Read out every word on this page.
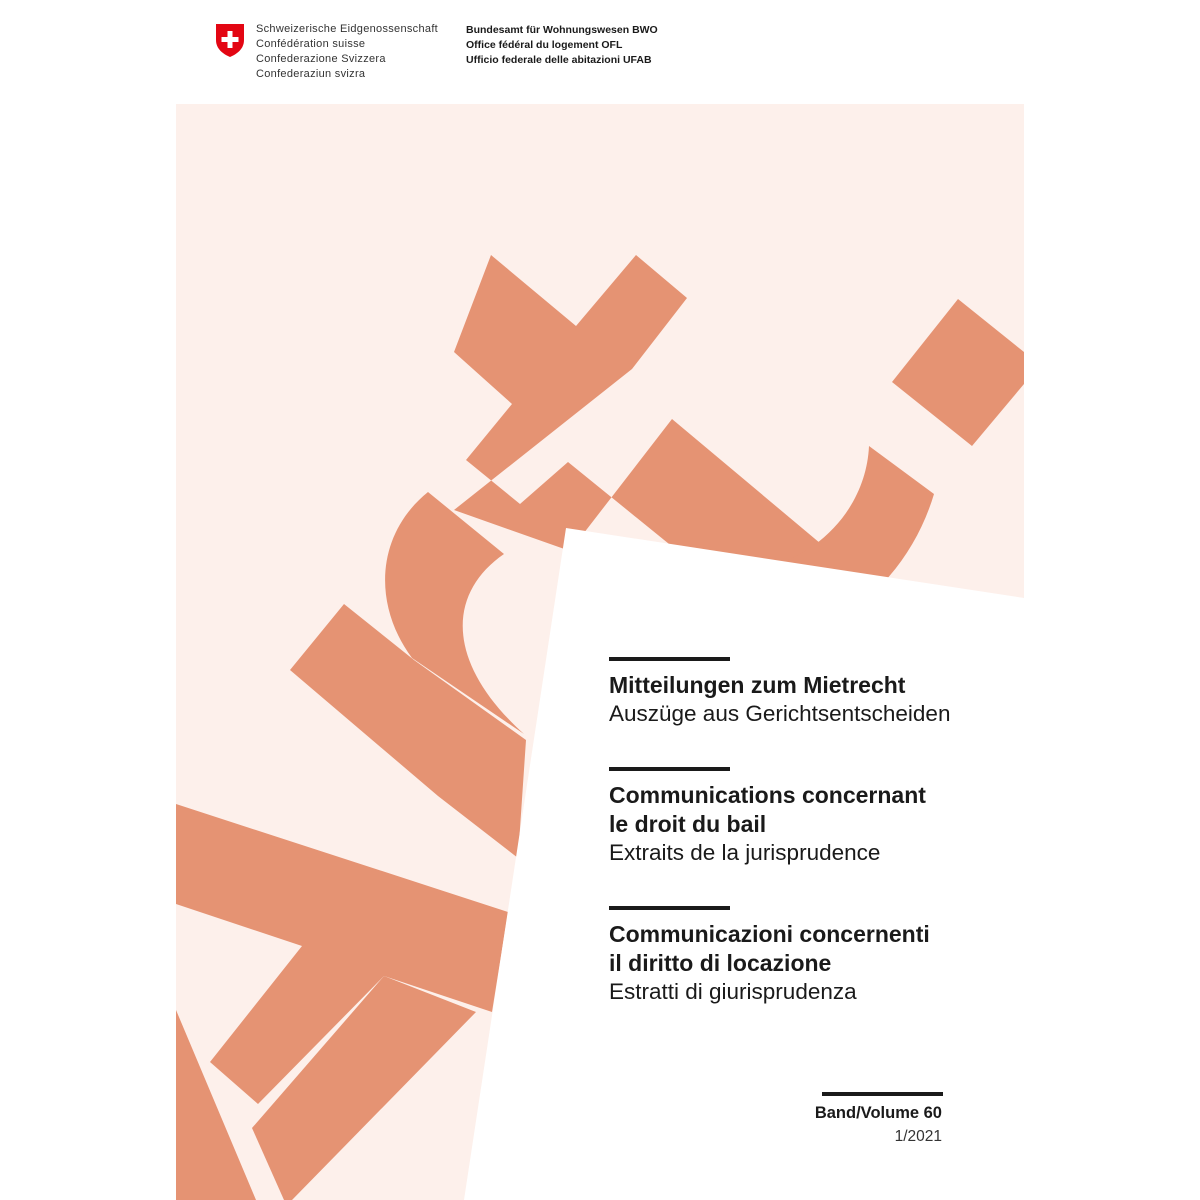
Schweizerische Eidgenossenschaft
Confédération suisse
Confederazione Svizzera
Confederaziun svizra
Bundesamt für Wohnungswesen BWO
Office fédéral du logement OFL
Ufficio federale delle abitazioni UFAB
Mitteilungen zum Mietrecht
Auszüge aus Gerichtsentscheiden
Communications concernant
le droit du bail
Extraits de la jurisprudence
Communicazioni concernenti
il diritto di locazione
Estratti di giurisprudenza
Band/Volume 60
1/2021
